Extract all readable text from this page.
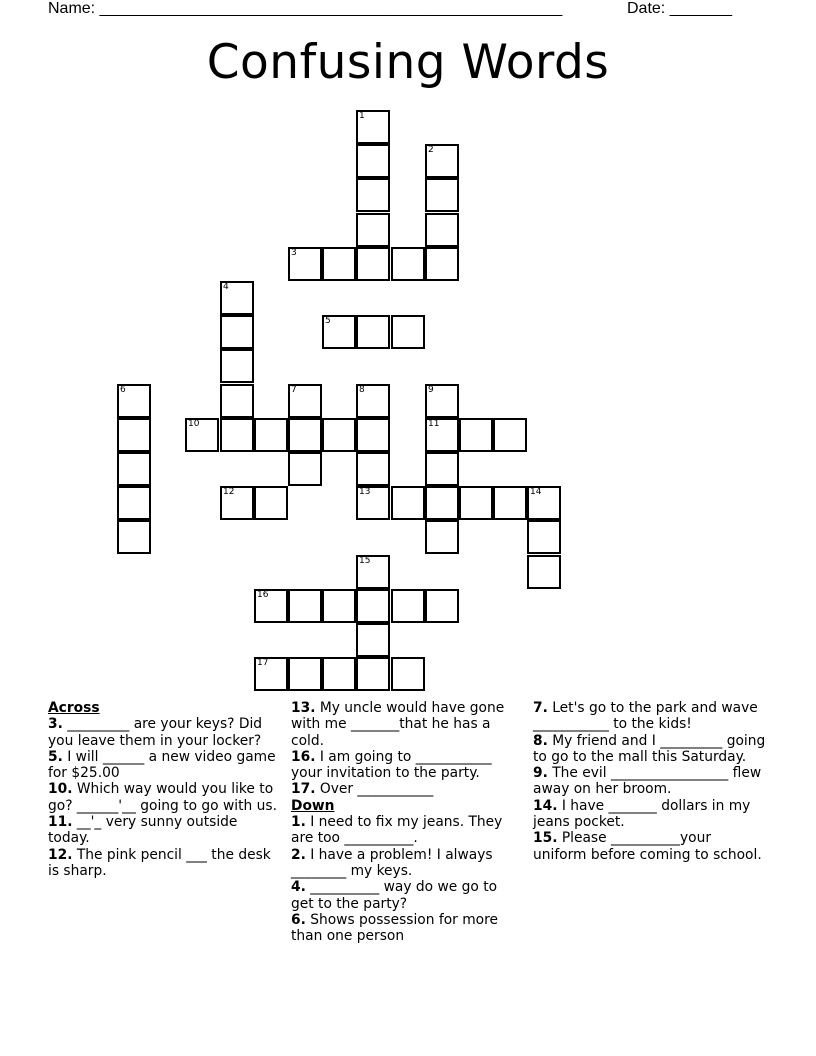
Name: ____________________________________________________	Date: _______
Confusing Words
1
2
3
4
5
6	7	8
13
9
11
10
12	14
15
16
17
Across
3. _________ are your keys? Did you leave them in your locker?
5. I will ______ a new video game for $25.00
10. Which way would you like to go? ______'__ going to go with us.
11. __'_ very sunny outside today.
12. The pink pencil ___ the desk is sharp.
13. My uncle would have gone with me _______that he has a cold.
16. I am going to ___________ your invitation to the party.
17. Over ___________
Down
1. I need to fix my jeans. They are too __________.
2. I have a problem! I always ________ my keys.
4. __________ way do we go to get to the party?
6. Shows possession for more than one person
7. Let's go to the park and wave ___________ to the kids!
8. My friend and I _________ going to go to the mall this Saturday.
9. The evil _________________ flew away on her broom.
14. I have _______ dollars in my jeans pocket.
15. Please __________your uniform before coming to school.
